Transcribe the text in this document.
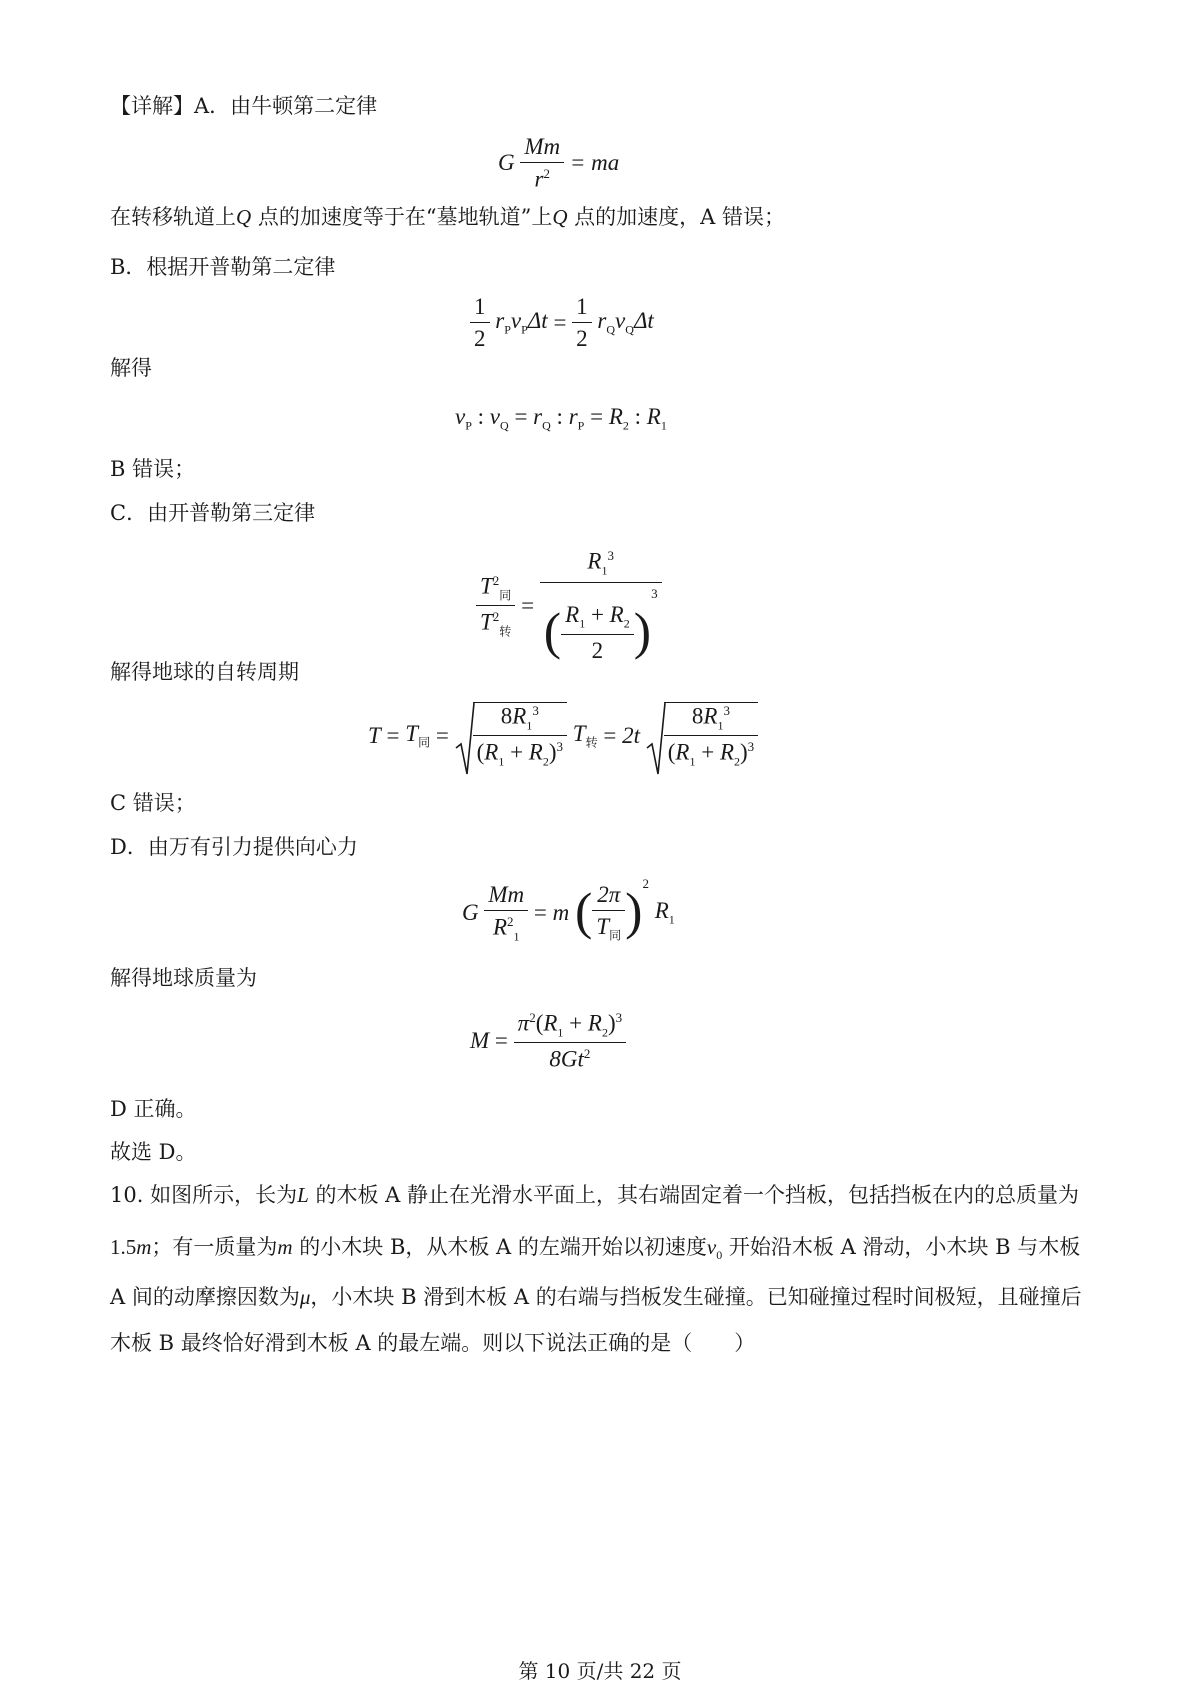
【详解】A．由牛顿第二定律
G $\frac{Mm}{r^2}$ = ma
在转移轨道上Q 点的加速度等于在“墓地轨道”上Q 点的加速度，A 错误；
B．根据开普勒第二定律
$\frac{1}{2} r_Pv_P\Delta t = \frac{1}{2} r_Qv_Q\Delta t$
解得
$v_P$ : $v_Q = r_Q$ : $r_P = R_2$ : $R_1$
B 错误；
C．由开普勒第三定律
$\frac{T^2_同}{T^2_转} = \frac{R_1^3}{( \frac{R_1 + R_2}{2} )^3}$
解得地球的自转周期
$T = T_同 = \frac{8R_1^3}{(R_1 + R_2)^3} T_转 = 2t \frac{8R_1^3}{(R_1 + R_2)^3}$
C 错误；
D．由万有引力提供向心力
G $\frac{Mm}{R^2_1} = m$ ( $\frac{2\pi}{T_同} )^2$ $R_1$
解得地球质量为
$M = \frac{\pi^2(R_1 + R_2)^3}{8Gt^2}$
D 正确。
故选 D。
10. 如图所示，长为L 的木板 A 静止在光滑水平面上，其右端固定着一个挡板，包括挡板在内的总质量为
1.5m；有一质量为m 的小木块 B，从木板 A 的左端开始以初速度$v_0$ 开始沿木板 A 滑动，小木块 B 与木板
A 间的动摩擦因数为μ，小木块 B 滑到木板 A 的右端与挡板发生碰撞。已知碰撞过程时间极短，且碰撞后
木板 B 最终恰好滑到木板 A 的最左端。则以下说法正确的是（　　）
第 10 页/共 22 页
